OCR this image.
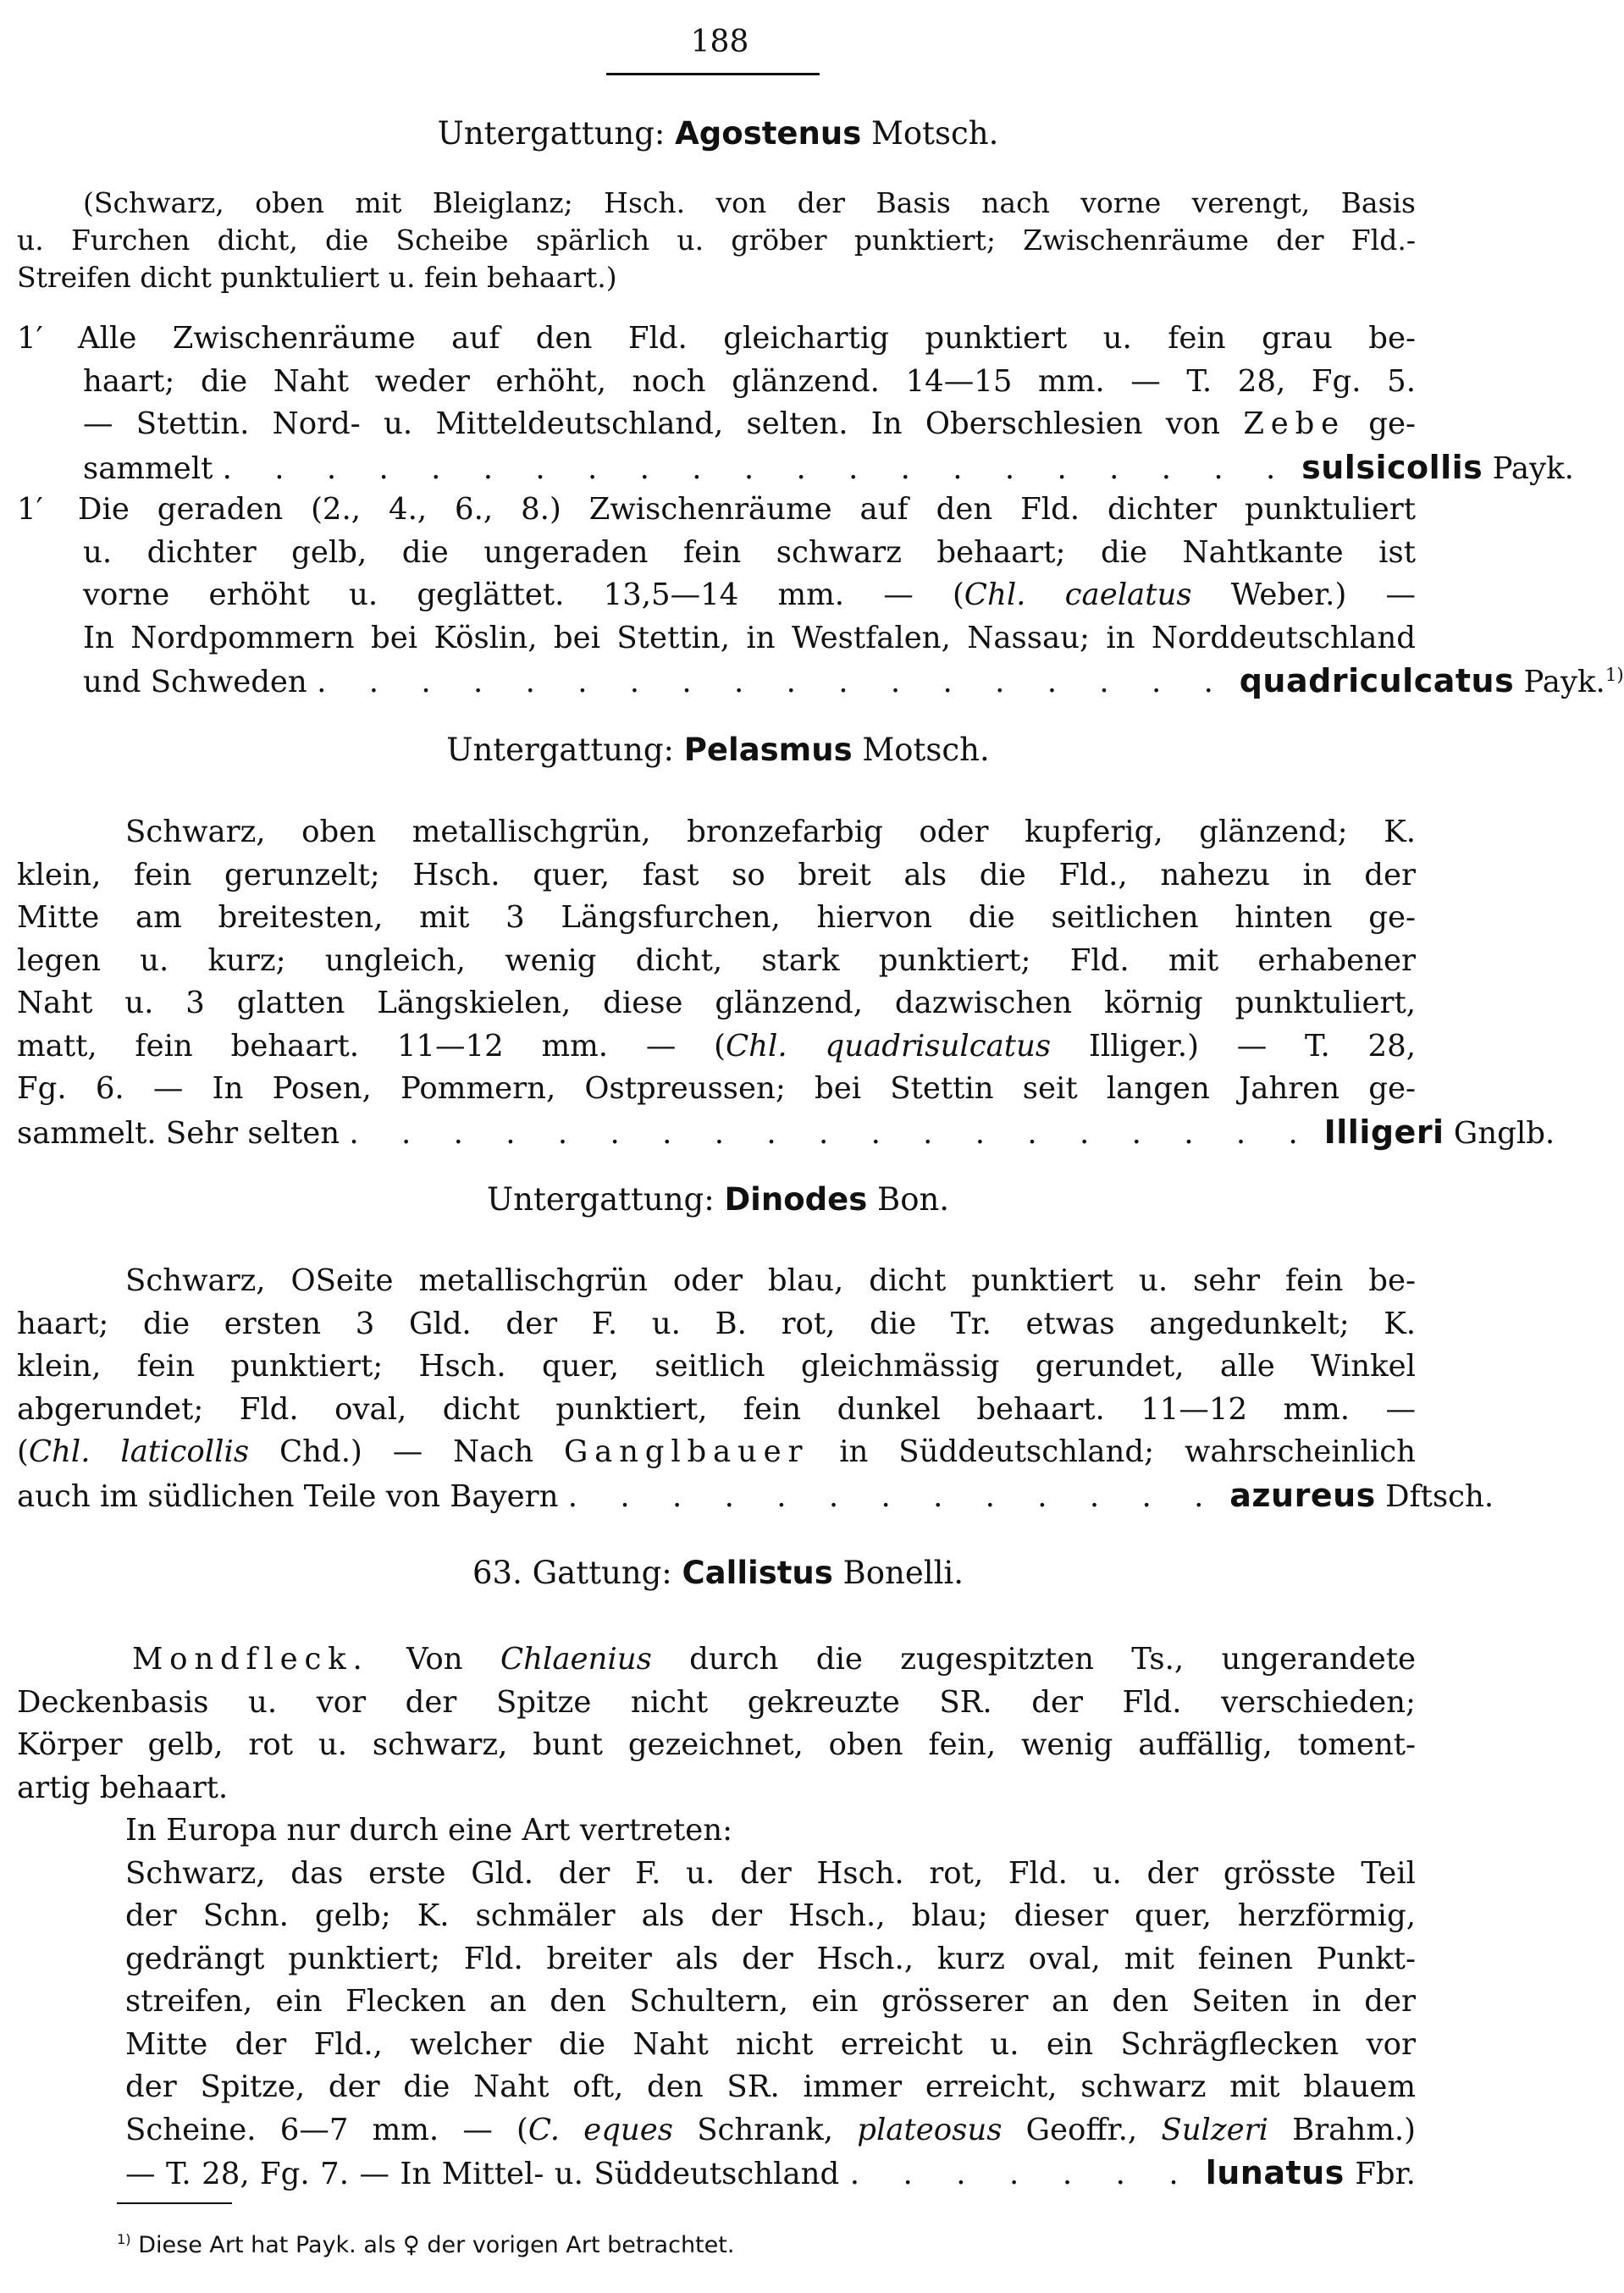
188
Untergattung: Agostenus Motsch.
(Schwarz, oben mit Bleiglanz; Hsch. von der Basis nach vorne verengt, Basis
u. Furchen dicht, die Scheibe spärlich u. gröber punktiert; Zwischenräume der Fld.-
Streifen dicht punktuliert u. fein behaart.)
1′ Alle Zwischenräume auf den Fld. gleichartig punktiert u. fein grau be-
haart; die Naht weder erhöht, noch glänzend. 14—15 mm. — T. 28, Fg. 5.
— Stettin. Nord- u. Mitteldeutschland, selten. In Oberschlesien von Zebe ge-
sammelt . . . . . . . . . . . . . . . . . . . . . sulsicollis Payk.
1′ Die geraden (2., 4., 6., 8.) Zwischenräume auf den Fld. dichter punktuliert
u. dichter gelb, die ungeraden fein schwarz behaart; die Nahtkante ist
vorne erhöht u. geglättet. 13,5—14 mm. — (Chl. caelatus Weber.) —
In Nordpommern bei Köslin, bei Stettin, in Westfalen, Nassau; in Norddeutschland
und Schweden . . . . . . . . . . . . . . . . . . quadriculcatus Payk.$^{1)}$
Untergattung: Pelasmus Motsch.
Schwarz, oben metallischgrün, bronzefarbig oder kupferig, glänzend; K.
klein, fein gerunzelt; Hsch. quer, fast so breit als die Fld., nahezu in der
Mitte am breitesten, mit 3 Längsfurchen, hiervon die seitlichen hinten ge-
legen u. kurz; ungleich, wenig dicht, stark punktiert; Fld. mit erhabener
Naht u. 3 glatten Längskielen, diese glänzend, dazwischen körnig punktuliert,
matt, fein behaart. 11—12 mm. — (Chl. quadrisulcatus Illiger.) — T. 28,
Fg. 6. — In Posen, Pommern, Ostpreussen; bei Stettin seit langen Jahren ge-
sammelt. Sehr selten . . . . . . . . . . . . . . . . . . . Illigeri Gnglb.
Untergattung: Dinodes Bon.
Schwarz, OSeite metallischgrün oder blau, dicht punktiert u. sehr fein be-
haart; die ersten 3 Gld. der F. u. B. rot, die Tr. etwas angedunkelt; K.
klein, fein punktiert; Hsch. quer, seitlich gleichmässig gerundet, alle Winkel
abgerundet; Fld. oval, dicht punktiert, fein dunkel behaart. 11—12 mm. —
(Chl. laticollis Chd.) — Nach Ganglbauer in Süddeutschland; wahrscheinlich
auch im südlichen Teile von Bayern . . . . . . . . . . . . . azureus Dftsch.
63. Gattung: Callistus Bonelli.
Mondfleck. Von Chlaenius durch die zugespitzten Ts., ungerandete
Deckenbasis u. vor der Spitze nicht gekreuzte SR. der Fld. verschieden;
Körper gelb, rot u. schwarz, bunt gezeichnet, oben fein, wenig auffällig, toment-
artig behaart.
In Europa nur durch eine Art vertreten:
Schwarz, das erste Gld. der F. u. der Hsch. rot, Fld. u. der grösste Teil
der Schn. gelb; K. schmäler als der Hsch., blau; dieser quer, herzförmig,
gedrängt punktiert; Fld. breiter als der Hsch., kurz oval, mit feinen Punkt-
streifen, ein Flecken an den Schultern, ein grösserer an den Seiten in der
Mitte der Fld., welcher die Naht nicht erreicht u. ein Schrägflecken vor
der Spitze, der die Naht oft, den SR. immer erreicht, schwarz mit blauem
Scheine. 6—7 mm. — (C. eques Schrank, plateosus Geoffr., Sulzeri Brahm.)
— T. 28, Fg. 7. — In Mittel- u. Süddeutschland . . . . . . . lunatus Fbr.
$^{1)}$ Diese Art hat Payk. als ♀ der vorigen Art betrachtet.
